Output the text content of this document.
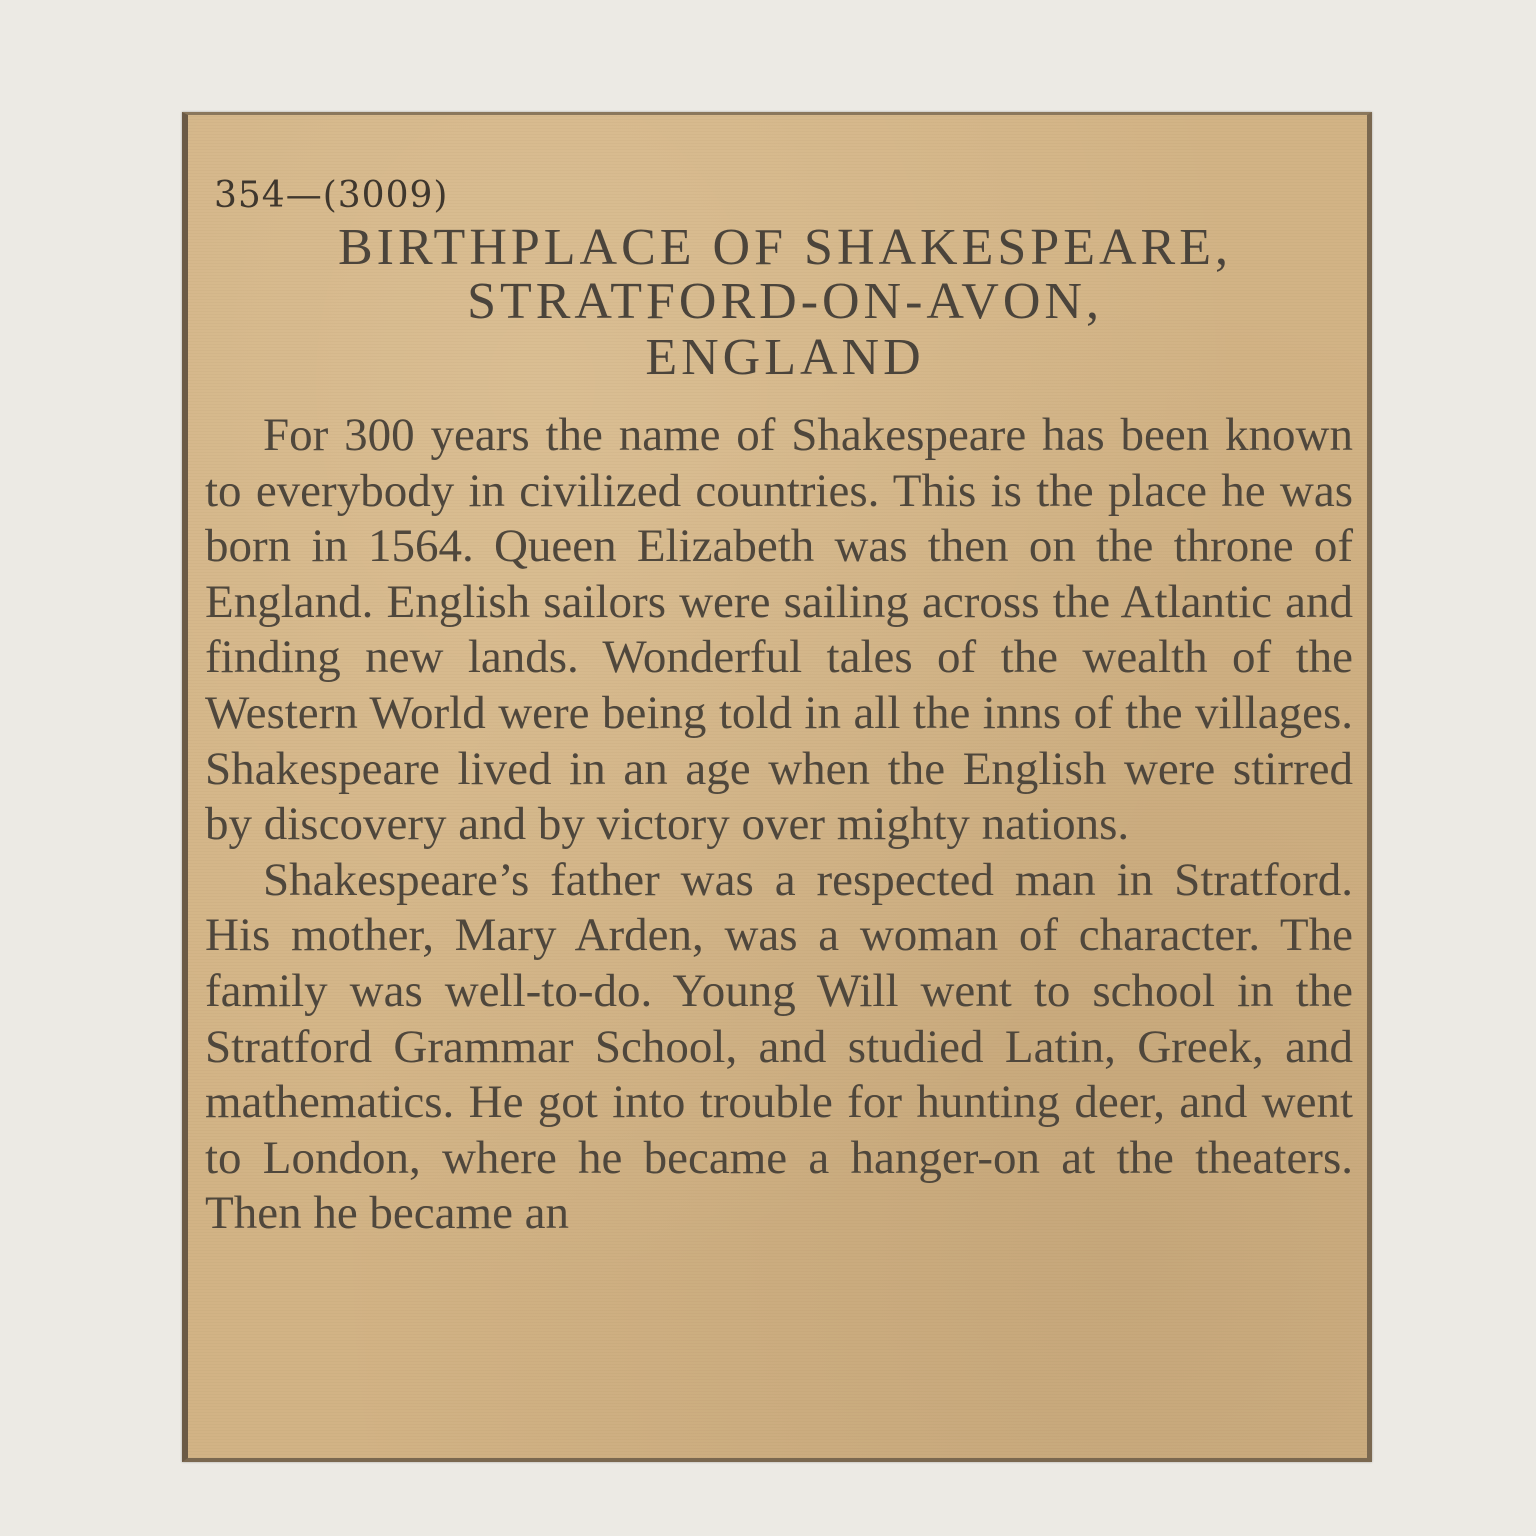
354—(3009)
BIRTHPLACE OF SHAKESPEARE,
STRATFORD-ON-AVON,
ENGLAND

For 300 years the name of Shakespeare has been known to everybody in civilized countries. This is the place he was born in 1564. Queen Elizabeth was then on the throne of England. English sailors were sailing across the Atlantic and finding new lands. Wonderful tales of the wealth of the Western World were being told in all the inns of the villages. Shakespeare lived in an age when the English were stirred by discovery and by victory over mighty nations.

Shakespeare’s father was a respected man in Stratford. His mother, Mary Arden, was a woman of character. The family was well-to-do. Young Will went to school in the Stratford Grammar School, and studied Latin, Greek, and mathematics. He got into trouble for hunting deer, and went to London, where he became a hanger-on at the theaters. Then he became an
